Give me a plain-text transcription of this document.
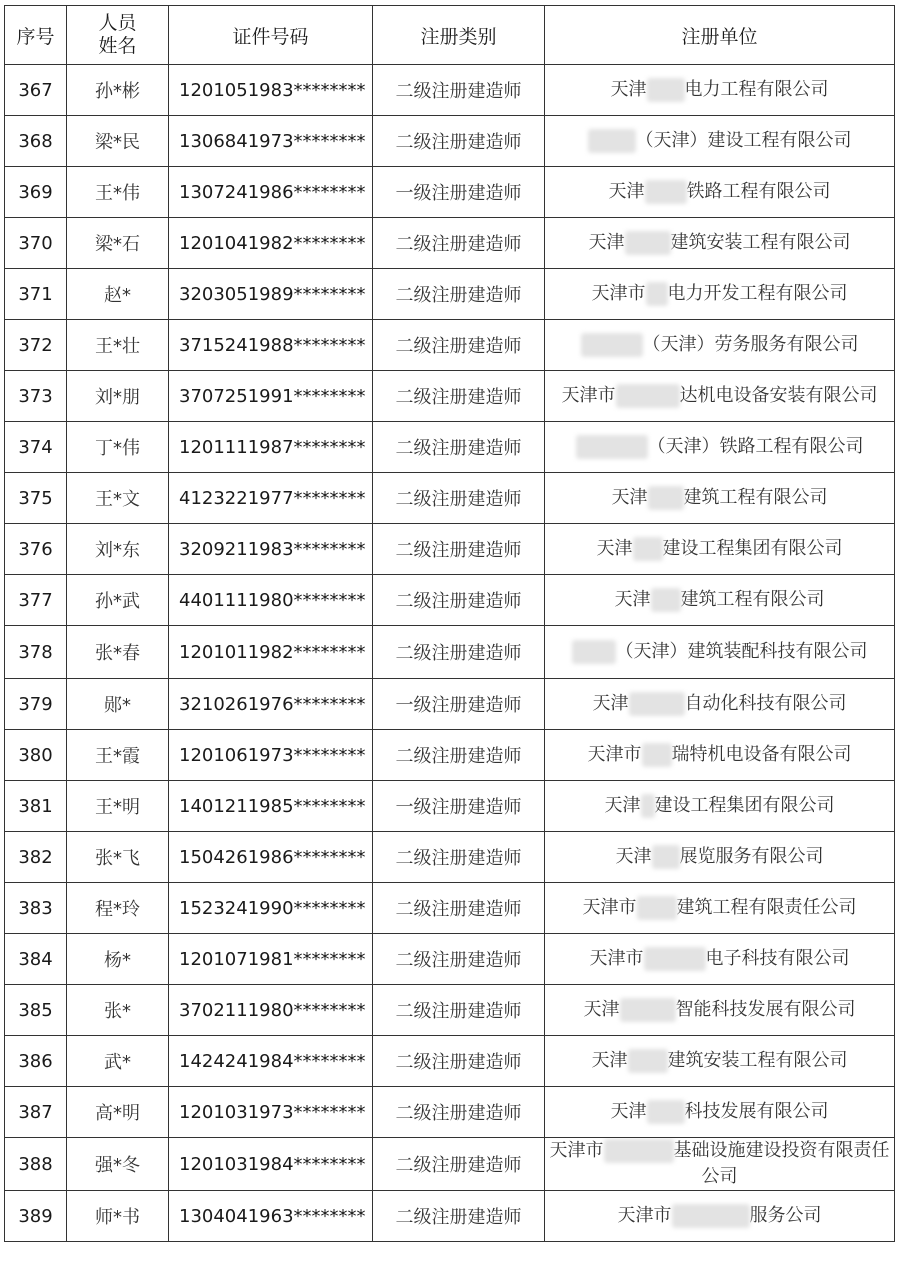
序号	人员姓名	证件号码	注册类别	注册单位
367	孙*彬	1201051983********	二级注册建造师	天津 电力工程有限公司
368	梁*民	1306841973********	二级注册建造师	（天津）建设工程有限公司
369	王*伟	1307241986********	一级注册建造师	天津 铁路工程有限公司
370	梁*石	1201041982********	二级注册建造师	天津 建筑安装工程有限公司
371	赵*	3203051989********	二级注册建造师	天津市 电力开发工程有限公司
372	王*壮	3715241988********	二级注册建造师	（天津）劳务服务有限公司
373	刘*朋	3707251991********	二级注册建造师	天津市 达机电设备安装有限公司
374	丁*伟	1201111987********	二级注册建造师	（天津）铁路工程有限公司
375	王*文	4123221977********	二级注册建造师	天津 建筑工程有限公司
376	刘*东	3209211983********	二级注册建造师	天津 建设工程集团有限公司
377	孙*武	4401111980********	二级注册建造师	天津 建筑工程有限公司
378	张*春	1201011982********	二级注册建造师	（天津）建筑装配科技有限公司
379	郧*	3210261976********	一级注册建造师	天津 自动化科技有限公司
380	王*霞	1201061973********	二级注册建造师	天津市 瑞特机电设备有限公司
381	王*明	1401211985********	一级注册建造师	天津 建设工程集团有限公司
382	张*飞	1504261986********	二级注册建造师	天津 展览服务有限公司
383	程*玲	1523241990********	二级注册建造师	天津市 建筑工程有限责任公司
384	杨*	1201071981********	二级注册建造师	天津市 电子科技有限公司
385	张*	3702111980********	二级注册建造师	天津 智能科技发展有限公司
386	武*	1424241984********	二级注册建造师	天津 建筑安装工程有限公司
387	高*明	1201031973********	二级注册建造师	天津 科技发展有限公司
388	强*冬	1201031984********	二级注册建造师	天津市 基础设施建设投资有限责任公司
389	师*书	1304041963********	二级注册建造师	天津市 服务公司
